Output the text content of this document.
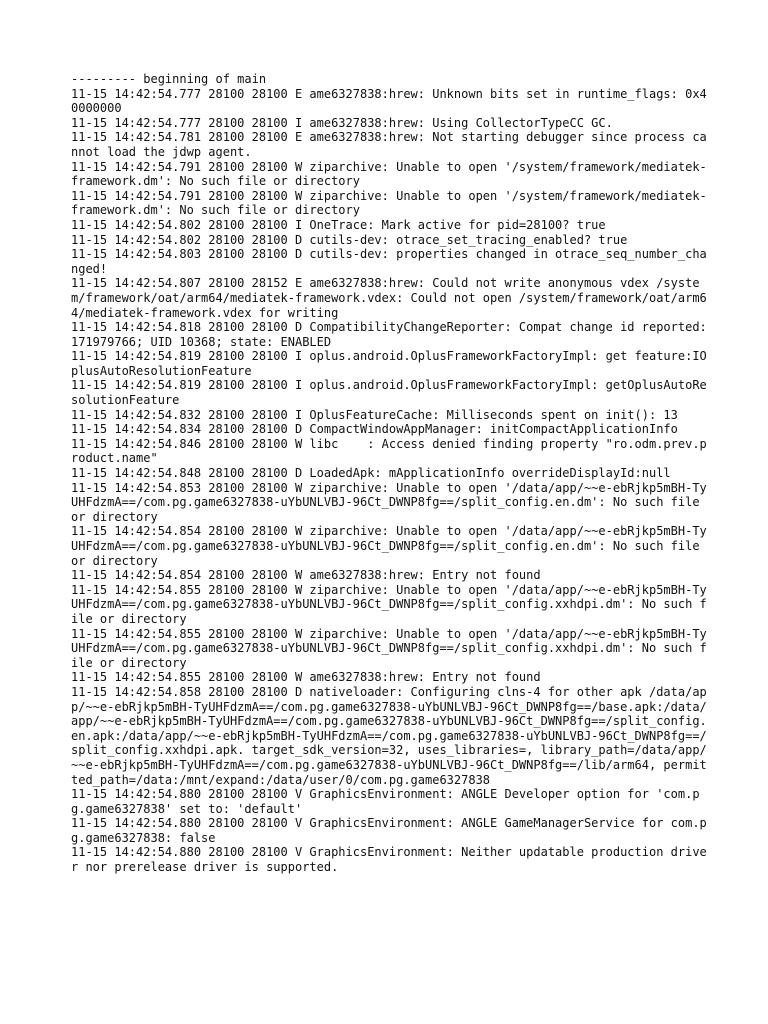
--------- beginning of main

11-15 14:42:54.777 28100 28100 E ame6327838:hrew: Unknown bits set in runtime_flags: 0x40000000

11-15 14:42:54.777 28100 28100 I ame6327838:hrew: Using CollectorTypeCC GC.

11-15 14:42:54.781 28100 28100 E ame6327838:hrew: Not starting debugger since process cannot load the jdwp agent.

11-15 14:42:54.791 28100 28100 W ziparchive: Unable to open '/system/framework/mediatek-framework.dm': No such file or directory

11-15 14:42:54.791 28100 28100 W ziparchive: Unable to open '/system/framework/mediatek-framework.dm': No such file or directory

11-15 14:42:54.802 28100 28100 I OneTrace: Mark active for pid=28100? true

11-15 14:42:54.802 28100 28100 D cutils-dev: otrace_set_tracing_enabled? true

11-15 14:42:54.803 28100 28100 D cutils-dev: properties changed in otrace_seq_number_changed!

11-15 14:42:54.807 28100 28152 E ame6327838:hrew: Could not write anonymous vdex /system/framework/oat/arm64/mediatek-framework.vdex: Could not open /system/framework/oat/arm64/mediatek-framework.vdex for writing

11-15 14:42:54.818 28100 28100 D CompatibilityChangeReporter: Compat change id reported: 171979766; UID 10368; state: ENABLED

11-15 14:42:54.819 28100 28100 I oplus.android.OplusFrameworkFactoryImpl: get feature:IOplusAutoResolutionFeature

11-15 14:42:54.819 28100 28100 I oplus.android.OplusFrameworkFactoryImpl: getOplusAutoResolutionFeature

11-15 14:42:54.832 28100 28100 I OplusFeatureCache: Milliseconds spent on init(): 13

11-15 14:42:54.834 28100 28100 D CompactWindowAppManager: initCompactApplicationInfo

11-15 14:42:54.846 28100 28100 W libc    : Access denied finding property "ro.odm.prev.product.name"

11-15 14:42:54.848 28100 28100 D LoadedApk: mApplicationInfo overrideDisplayId:null

11-15 14:42:54.853 28100 28100 W ziparchive: Unable to open '/data/app/~~e-ebRjkp5mBH-TyUHFdzmA==/com.pg.game6327838-uYbUNLVBJ-96Ct_DWNP8fg==/split_config.en.dm': No such file or directory

11-15 14:42:54.854 28100 28100 W ziparchive: Unable to open '/data/app/~~e-ebRjkp5mBH-TyUHFdzmA==/com.pg.game6327838-uYbUNLVBJ-96Ct_DWNP8fg==/split_config.en.dm': No such file or directory

11-15 14:42:54.854 28100 28100 W ame6327838:hrew: Entry not found

11-15 14:42:54.855 28100 28100 W ziparchive: Unable to open '/data/app/~~e-ebRjkp5mBH-TyUHFdzmA==/com.pg.game6327838-uYbUNLVBJ-96Ct_DWNP8fg==/split_config.xxhdpi.dm': No such file or directory

11-15 14:42:54.855 28100 28100 W ziparchive: Unable to open '/data/app/~~e-ebRjkp5mBH-TyUHFdzmA==/com.pg.game6327838-uYbUNLVBJ-96Ct_DWNP8fg==/split_config.xxhdpi.dm': No such file or directory

11-15 14:42:54.855 28100 28100 W ame6327838:hrew: Entry not found

11-15 14:42:54.858 28100 28100 D nativeloader: Configuring clns-4 for other apk /data/app/~~e-ebRjkp5mBH-TyUHFdzmA==/com.pg.game6327838-uYbUNLVBJ-96Ct_DWNP8fg==/base.apk:/data/app/~~e-ebRjkp5mBH-TyUHFdzmA==/com.pg.game6327838-uYbUNLVBJ-96Ct_DWNP8fg==/split_config.en.apk:/data/app/~~e-ebRjkp5mBH-TyUHFdzmA==/com.pg.game6327838-uYbUNLVBJ-96Ct_DWNP8fg==/split_config.xxhdpi.apk. target_sdk_version=32, uses_libraries=, library_path=/data/app/~~e-ebRjkp5mBH-TyUHFdzmA==/com.pg.game6327838-uYbUNLVBJ-96Ct_DWNP8fg==/lib/arm64, permitted_path=/data:/mnt/expand:/data/user/0/com.pg.game6327838

11-15 14:42:54.880 28100 28100 V GraphicsEnvironment: ANGLE Developer option for 'com.pg.game6327838' set to: 'default'

11-15 14:42:54.880 28100 28100 V GraphicsEnvironment: ANGLE GameManagerService for com.pg.game6327838: false

11-15 14:42:54.880 28100 28100 V GraphicsEnvironment: Neither updatable production driver nor prerelease driver is supported.
